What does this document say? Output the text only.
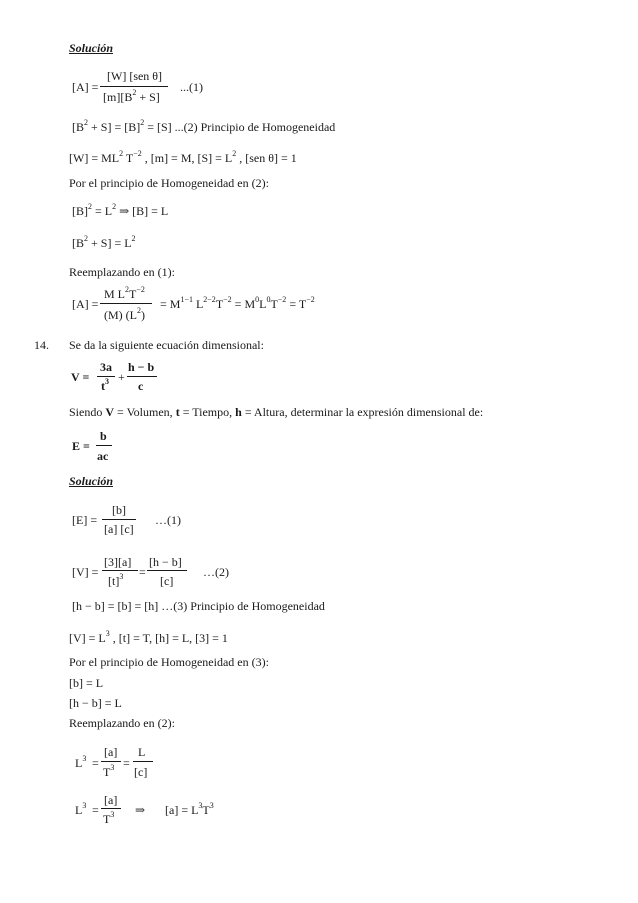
Solución
[A] =
[W] [sen θ]
$[m][B^2 + S]$
...(1)
$[B^2 + S] = [B]^2 = [S]$ ...(2) Principio de Homogeneidad
$[W] = ML^2$ $T^{-2}$ , [m] = M, $[S] = L^2$ , [sen θ] = 1
Por el principio de Homogeneidad en (2):
$[B]^2 = L^2$ ⇒ [B] = L
$[B^2 + S] = L^2$
Reemplazando en (1):
[A] =
M $L^2T^{-2}$
(M) $(L^2)$
= $M^{1-1}$ $L^{2-2}T^{-2} = M^0L^0T^{-2} = T^{-2}$
14. Se da la siguiente ecuación dimensional:
V =
3a
$t^3$ +
h − b
c
Siendo V = Volumen, t = Tiempo, h = Altura, determinar la expresión dimensional de:
E =
b
ac
Solución
[E] =
[b]
[a] [c]
…(1)
[V] =
[3][a]
$[t]^3$ =
[h − b]
[c]
…(2)
[h − b] = [b] = [h] …(3) Principio de Homogeneidad
$[V] = L^3$ , [t] = T, [h] = L, [3] = 1
Por el principio de Homogeneidad en (3):
[b] = L
[h − b] = L
Reemplazando en (2):
$L^3$ =
[a]
$T^3$ =
L
[c]
$L^3$ =
[a]
$T^3$ ⇒ $[a] = L^3T^3$
